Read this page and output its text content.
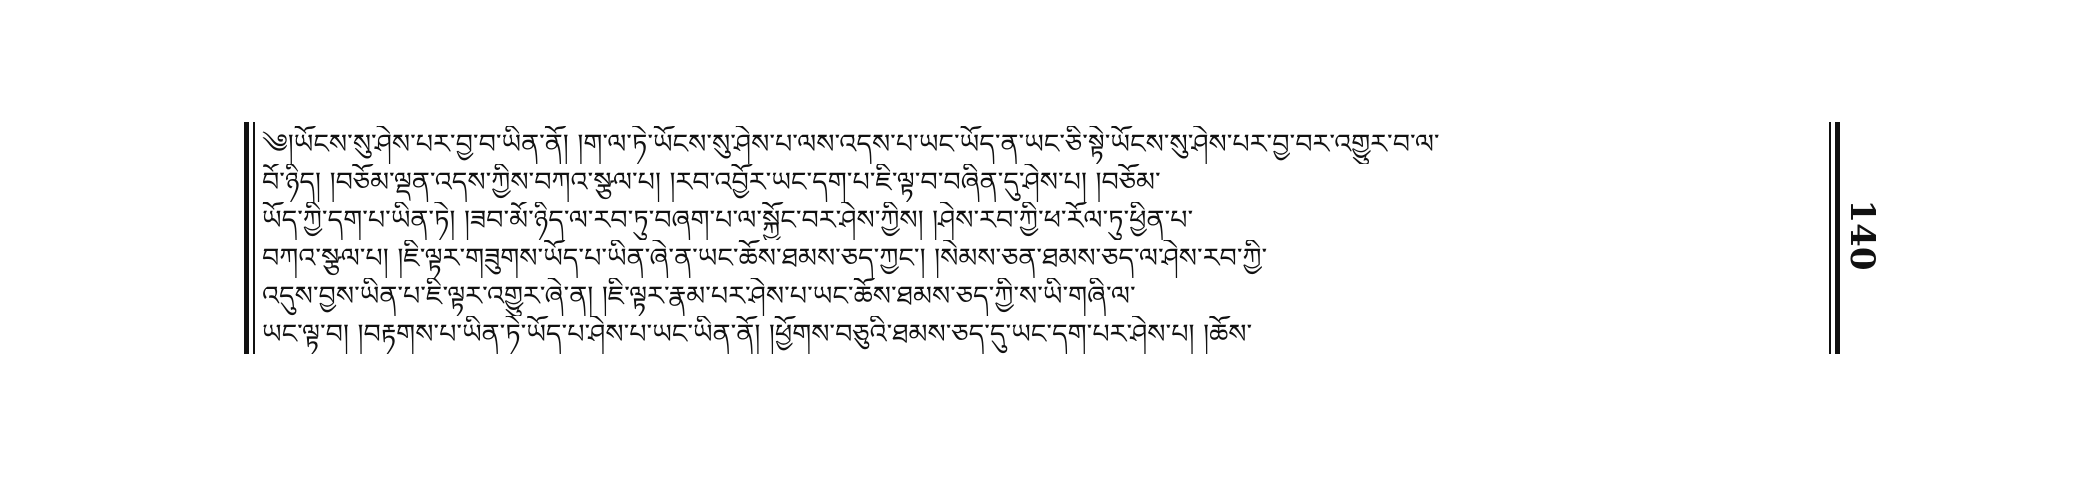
༄།ཡོངས་སུ་ཤེས་པར་བྱ་བ་ཡིན་ནོ། །ག་ལ་ཏེ་ཡོངས་སུ་ཤེས་པ་ལས་འདས་པ་ཡང་ཡོད་ན་ཡང་ཅི་སྟེ་ཡོངས་སུ་ཤེས་པར་བྱ་བར་འགྱུར་བ་ལ་
བོ་ཉིད། །བཅོམ་ལྡན་འདས་ཀྱིས་བཀའ་སྩལ་པ། །རབ་འབྱོར་ཡང་དག་པ་ཇི་ལྟ་བ་བཞིན་དུ་ཤེས་པ། །བཅོམ་
ཡོད་ཀྱི་དག་པ་ཡིན་ཏེ། །ཟབ་མོ་ཉིད་ལ་རབ་ཏུ་བཞག་པ་ལ་སྐྱོང་བར་ཤེས་ཀྱིས། །ཤེས་རབ་ཀྱི་ཕ་རོལ་ཏུ་ཕྱིན་པ་
བཀའ་སྩལ་པ། །ཇི་ལྟར་གཟུགས་ཡོད་པ་ཡིན་ཞེ་ན་ཡང་ཆོས་ཐམས་ཅད་ཀྱང་། །སེམས་ཅན་ཐམས་ཅད་ལ་ཤེས་རབ་ཀྱི་
འདུས་བྱས་ཡིན་པ་ཇི་ལྟར་འགྱུར་ཞེ་ན། །ཇི་ལྟར་རྣམ་པར་ཤེས་པ་ཡང་ཆོས་ཐམས་ཅད་ཀྱི་ས་ཡི་གཞི་ལ་
ཡང་ལྟ་བ། །བརྟགས་པ་ཡིན་ཏེ་ཡོད་པ་ཤེས་པ་ཡང་ཡིན་ནོ། །ཕྱོགས་བཅུའི་ཐམས་ཅད་དུ་ཡང་དག་པར་ཤེས་པ། །ཆོས་
140
